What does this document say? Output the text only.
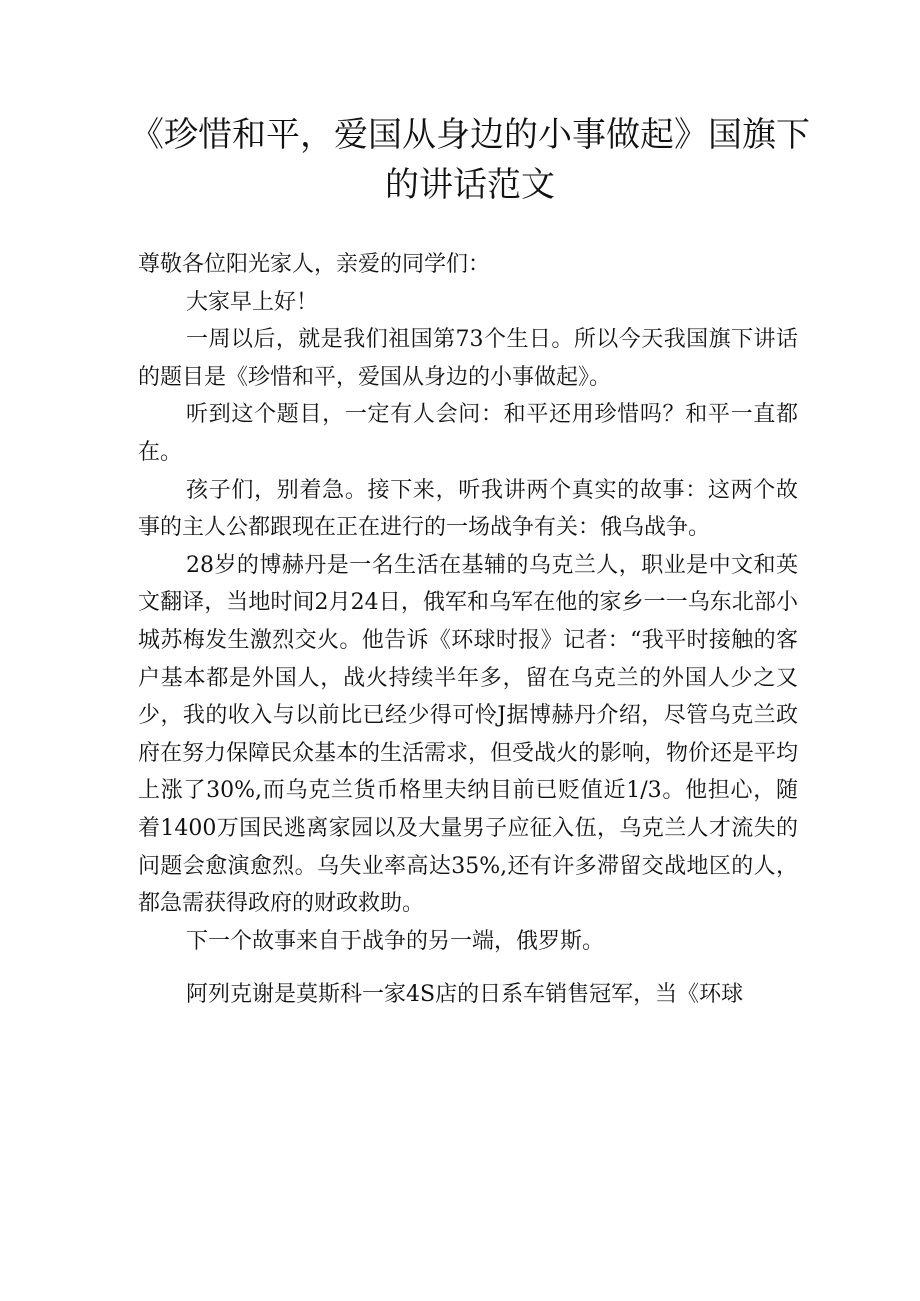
《珍惜和平，爱国从身边的小事做起》国旗下的讲话范文

尊敬各位阳光家人，亲爱的同学们：

大家早上好！

一周以后，就是我们祖国第73个生日。所以今天我国旗下讲话的题目是《珍惜和平，爱国从身边的小事做起》。

听到这个题目，一定有人会问：和平还用珍惜吗？和平一直都在。

孩子们，别着急。接下来，听我讲两个真实的故事：这两个故事的主人公都跟现在正在进行的一场战争有关：俄乌战争。

28岁的博赫丹是一名生活在基辅的乌克兰人，职业是中文和英文翻译，当地时间2月24日，俄军和乌军在他的家乡一一乌东北部小城苏梅发生激烈交火。他告诉《环球时报》记者：“我平时接触的客户基本都是外国人，战火持续半年多，留在乌克兰的外国人少之又少，我的收入与以前比已经少得可怜J据博赫丹介绍，尽管乌克兰政府在努力保障民众基本的生活需求，但受战火的影响，物价还是平均上涨了30%,而乌克兰货币格里夫纳目前已贬值近1/3。他担心，随着1400万国民逃离家园以及大量男子应征入伍，乌克兰人才流失的问题会愈演愈烈。乌失业率高达35%,还有许多滞留交战地区的人，都急需获得政府的财政救助。

下一个故事来自于战争的另一端，俄罗斯。

阿列克谢是莫斯科一家4S店的日系车销售冠军，当《环球
